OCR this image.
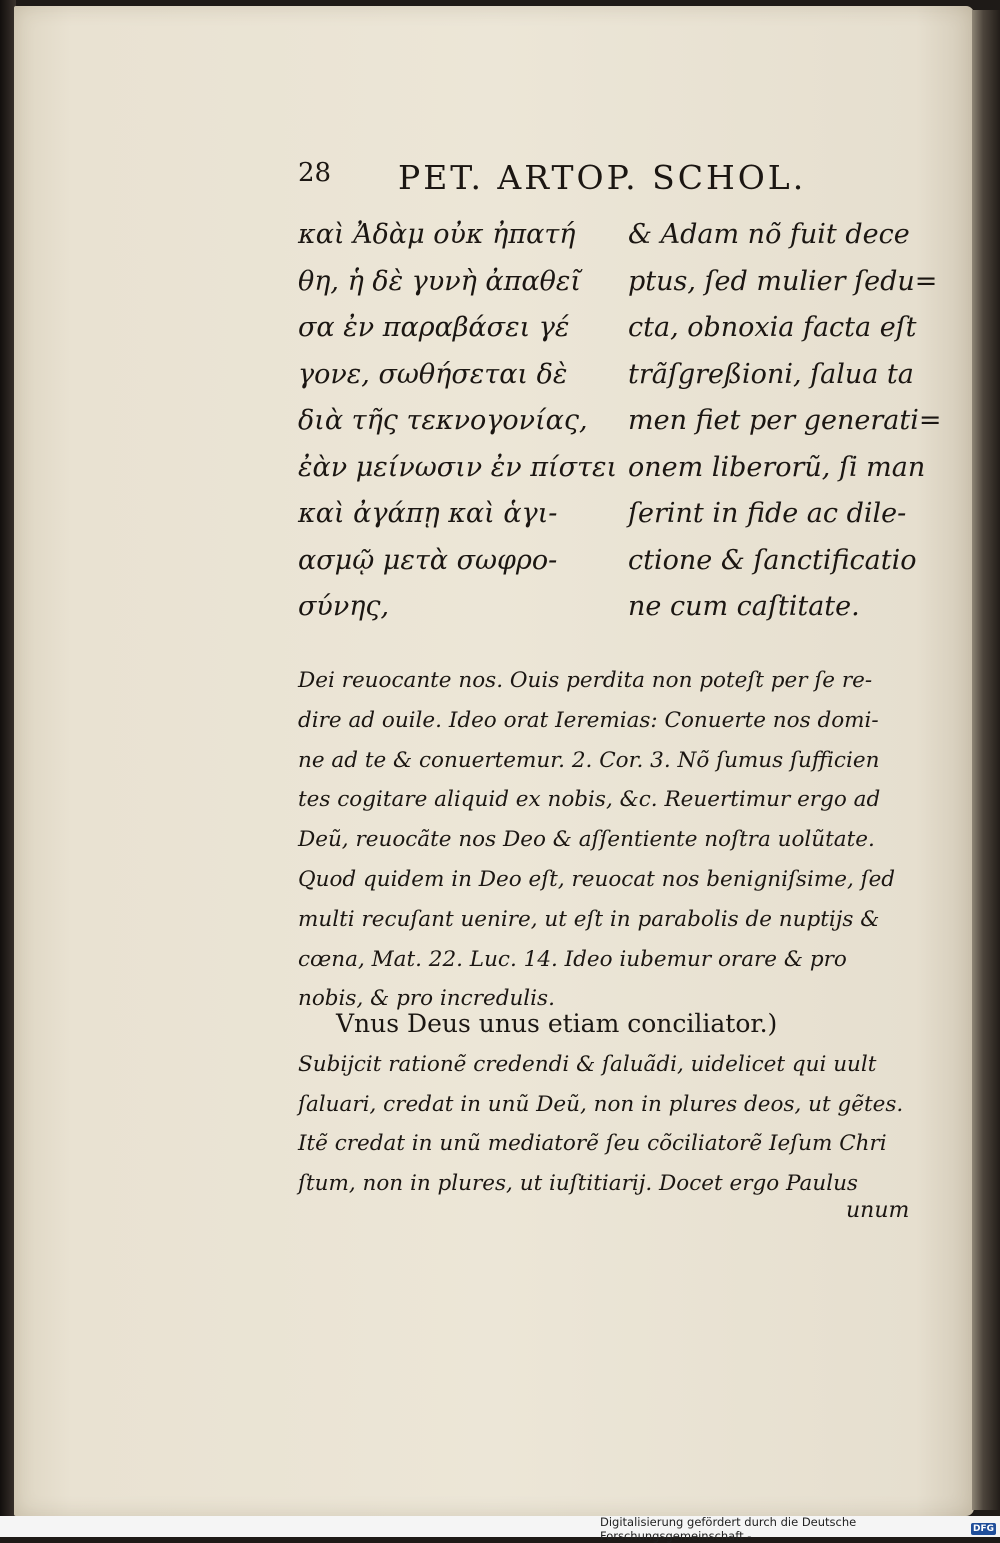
28 PET. ARTOP. SCHOL.
καὶ Ἀδὰμ οὐκ ἠπατή
θη, ἡ δὲ γυνὴ ἀπαθεῖ
σα ἐν παραβάσει γέ
γονε, σωθήσεται δὲ
διὰ τῆς τεκνογονίας,
ἐὰν μείνωσιν ἐν πίστει
καὶ ἀγάπῃ καὶ ἁγι-
ασμῷ μετὰ σωφρο-
σύνης,
& Adam nõ fuit dece
ptus, ſed mulier ſedu=
cta, obnoxia facta eſt
trãſgreßioni, ſalua ta
men fiet per generati=
onem liberorũ, ſi man
ſerint in fide ac dile-
ctione & ſanctificatio
ne cum caſtitate.
Dei reuocante nos. Ouis perdita non poteſt per ſe re-
dire ad ouile. Ideo orat Ieremias: Conuerte nos domi-
ne ad te & conuertemur. 2. Cor. 3. Nõ ſumus ſufficien
tes cogitare aliquid ex nobis, &c. Reuertimur ergo ad
Deũ, reuocãte nos Deo & aſſentiente noſtra uolũtate.
Quod quidem in Deo eſt, reuocat nos benigniſsime, ſed
multi recuſant uenire, ut eſt in parabolis de nuptijs &
cœna, Mat. 22. Luc. 14. Ideo iubemur orare & pro
nobis, & pro incredulis.
Vnus Deus unus etiam conciliator.)
Subijcit rationẽ credendi & ſaluãdi, uidelicet qui uult
ſaluari, credat in unũ Deũ, non in plures deos, ut gẽtes.
Itẽ credat in unũ mediatorẽ ſeu cõciliatorẽ Ieſum Chri
ſtum, non in plures, ut iuſtitiarij. Docet ergo Paulus
unum
Digitalisierung gefördert durch die Deutsche Forschungsgemeinschaft -	DFG
